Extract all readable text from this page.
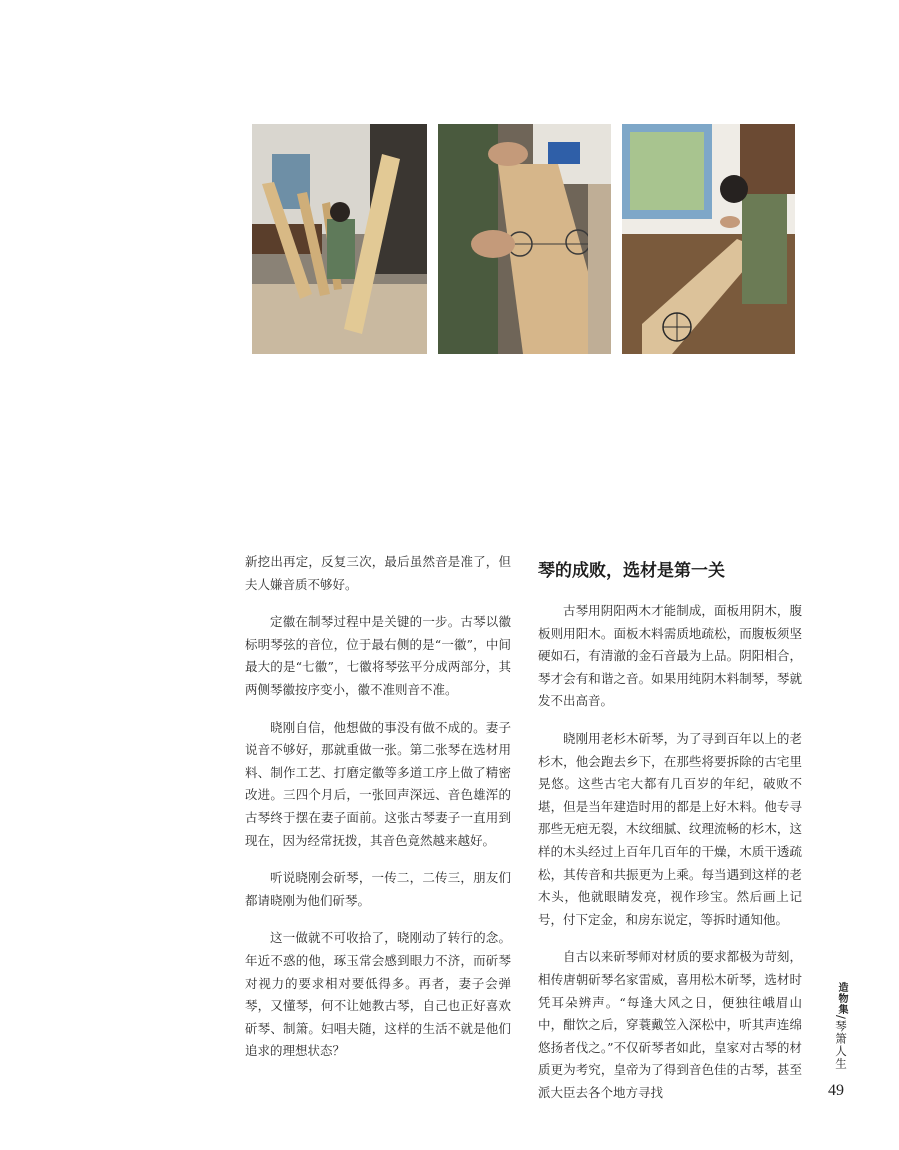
新挖出再定，反复三次，最后虽然音是准了，但夫人嫌音质不够好。

定徽在制琴过程中是关键的一步。古琴以徽标明琴弦的音位，位于最右侧的是“一徽”，中间最大的是“七徽”，七徽将琴弦平分成两部分，其两侧琴徽按序变小，徽不准则音不准。

晓刚自信，他想做的事没有做不成的。妻子说音不够好，那就重做一张。第二张琴在选材用料、制作工艺、打磨定徽等多道工序上做了精密改进。三四个月后，一张回声深远、音色雄浑的古琴终于摆在妻子面前。这张古琴妻子一直用到现在，因为经常抚拨，其音色竟然越来越好。

听说晓刚会斫琴，一传二，二传三，朋友们都请晓刚为他们斫琴。

这一做就不可收拾了，晓刚动了转行的念。年近不惑的他，琢玉常会感到眼力不济，而斫琴对视力的要求相对要低得多。再者，妻子会弹琴，又懂琴，何不让她教古琴，自己也正好喜欢斫琴、制箫。妇唱夫随，这样的生活不就是他们追求的理想状态？

琴的成败，选材是第一关

古琴用阴阳两木才能制成，面板用阴木，腹板则用阳木。面板木料需质地疏松，而腹板须坚硬如石，有清澈的金石音最为上品。阴阳相合，琴才会有和谐之音。如果用纯阴木料制琴，琴就发不出高音。

晓刚用老杉木斫琴，为了寻到百年以上的老杉木，他会跑去乡下，在那些将要拆除的古宅里晃悠。这些古宅大都有几百岁的年纪，破败不堪，但是当年建造时用的都是上好木料。他专寻那些无疤无裂，木纹细腻、纹理流畅的杉木，这样的木头经过上百年几百年的干燥，木质干透疏松，其传音和共振更为上乘。每当遇到这样的老木头，他就眼睛发亮，视作珍宝。然后画上记号，付下定金，和房东说定，等拆时通知他。

自古以来斫琴师对材质的要求都极为苛刻，相传唐朝斫琴名家雷威，喜用松木斫琴，选材时凭耳朵辨声。“每逢大风之日，便独往峨眉山中，酣饮之后，穿蓑戴笠入深松中，听其声连绵悠扬者伐之。”不仅斫琴者如此，皇家对古琴的材质更为考究，皇帝为了得到音色佳的古琴，甚至派大臣去各个地方寻找

造物集/琴箫人生
49
